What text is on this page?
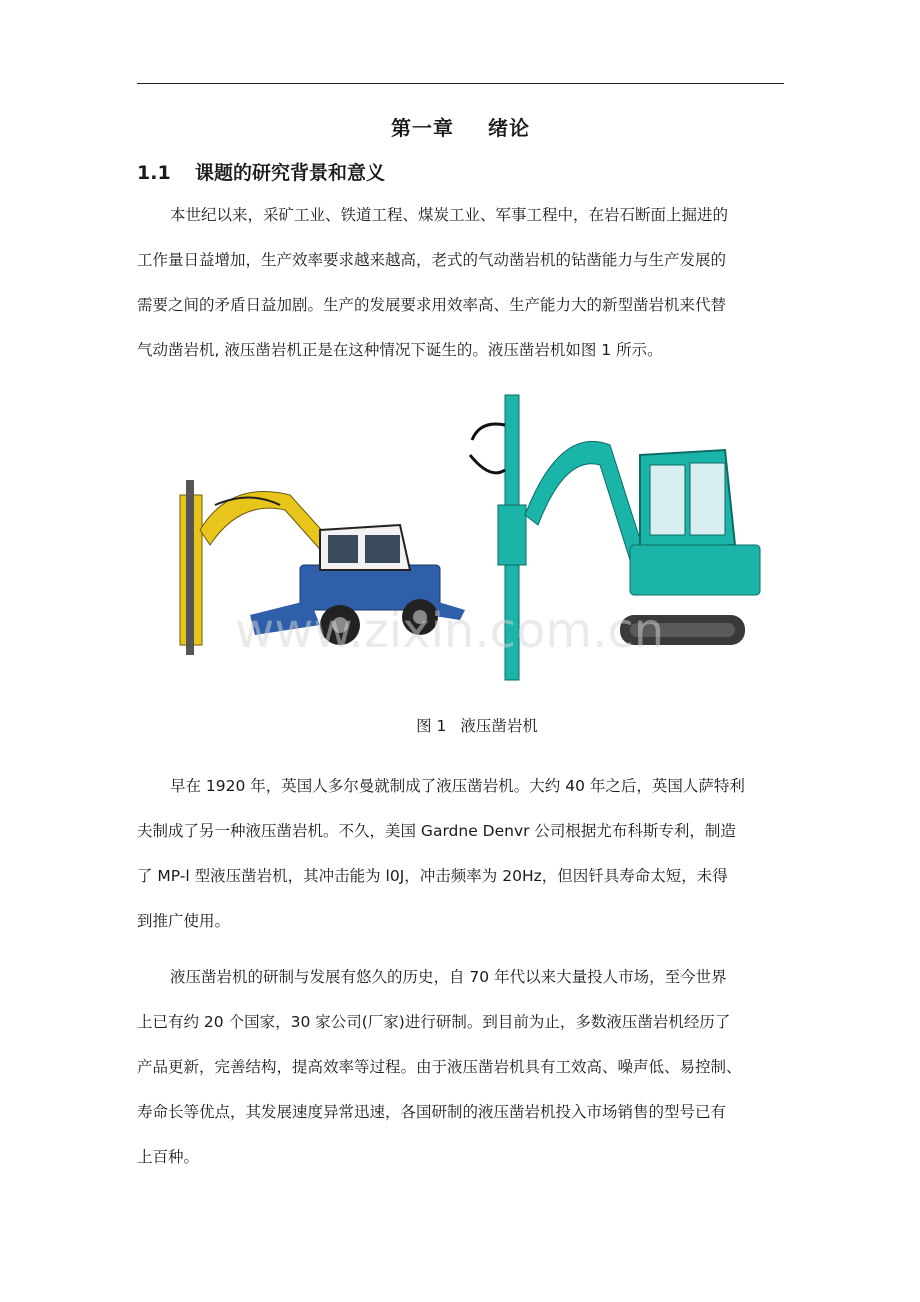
第一章 绪论
1.1 课题的研究背景和意义

本世纪以来，采矿工业、铁道工程、煤炭工业、军事工程中，在岩石断面上掘进的
工作量日益增加，生产效率要求越来越高，老式的气动凿岩机的钻凿能力与生产发展的
需要之间的矛盾日益加剧。生产的发展要求用效率高、生产能力大的新型凿岩机来代替
气动凿岩机, 液压凿岩机正是在这种情况下诞生的。液压凿岩机如图 1 所示。

www.zixin.com.cn
图 1 液压凿岩机

早在 1920 年，英国人多尔曼就制成了液压凿岩机。大约 40 年之后，英国人萨特利
夫制成了另一种液压凿岩机。不久，美国 Gardne Denvr 公司根据尤布科斯专利，制造
了 MP-l 型液压凿岩机，其冲击能为 l0J，冲击频率为 20Hz，但因钎具寿命太短，未得
到推广使用。

液压凿岩机的研制与发展有悠久的历史，自 70 年代以来大量投人市场，至今世界
上已有约 20 个国家，30 家公司(厂家)进行研制。到目前为止，多数液压凿岩机经历了
产品更新，完善结构，提高效率等过程。由于液压凿岩机具有工效高、噪声低、易控制、
寿命长等优点，其发展速度异常迅速，各国研制的液压凿岩机投入市场销售的型号已有
上百种。
